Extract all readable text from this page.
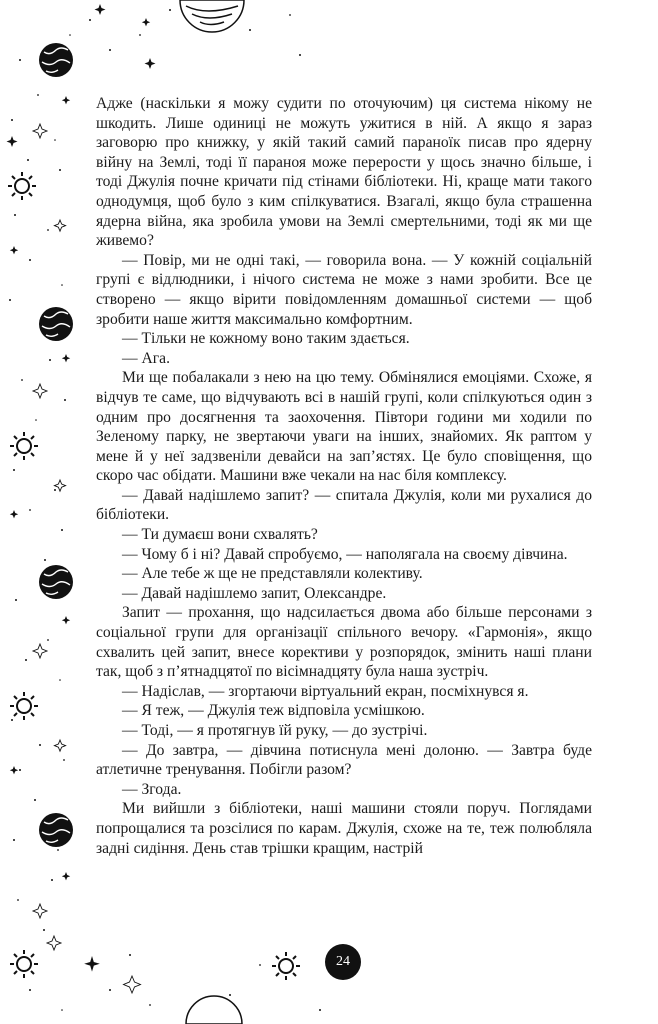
Адже (наскільки я можу судити по оточуючим) ця система нікому не шкодить. Лише одиниці не можуть ужитися в ній. А якщо я зараз заговорю про книжку, у якій такий самий параноїк писав про ядерну війну на Землі, тоді її параноя може перерости у щось значно більше, і тоді Джулія почне кричати під стінами бібліотеки. Ні, краще мати такого однодумця, щоб було з ким спілкуватися. Взагалі, якщо була страшенна ядерна війна, яка зробила умови на Землі смертельними, тоді як ми ще живемо?

— Повір, ми не одні такі, — говорила вона. — У кожній соціальній групі є відлюдники, і нічого система не може з нами зробити. Все це створено — якщо вірити повідомленням домашньої системи — щоб зробити наше життя максимально комфортним.

— Тільки не кожному воно таким здається.

— Ага.

Ми ще побалакали з нею на цю тему. Обмінялися емоціями. Схоже, я відчув те саме, що відчувають всі в нашій групі, коли спілкуються один з одним про досягнення та заохочення. Півтори години ми ходили по Зеленому парку, не звертаючи уваги на інших, знайомих. Як раптом у мене й у неї задзвеніли девайси на зап’ястях. Це було сповіщення, що скоро час обідати. Машини вже чекали на нас біля комплексу.

— Давай надішлемо запит? — спитала Джулія, коли ми рухалися до бібліотеки.

— Ти думаєш вони схвалять?

— Чому б і ні? Давай спробуємо, — наполягала на своєму дівчина.

— Але тебе ж ще не представляли колективу.

— Давай надішлемо запит, Олександре.

Запит — прохання, що надсилається двома або більше персонами з соціальної групи для організації спільного вечору. «Гармонія», якщо схвалить цей запит, внесе корективи у розпорядок, змінить наші плани так, щоб з п’ятнадцятої по вісімнадцяту була наша зустріч.

— Надіслав, — згортаючи віртуальний екран, посміхнувся я.

— Я теж, — Джулія теж відповіла усмішкою.

— Тоді, — я протягнув їй руку, — до зустрічі.

— До завтра, — дівчина потиснула мені долоню. — Завтра буде атлетичне тренування. Побігли разом?

— Згода.

Ми вийшли з бібліотеки, наші машини стояли поруч. Поглядами попрощалися та розсілися по карам. Джулія, схоже на те, теж полюбляла задні сидіння. День став трішки кращим, настрій

24
